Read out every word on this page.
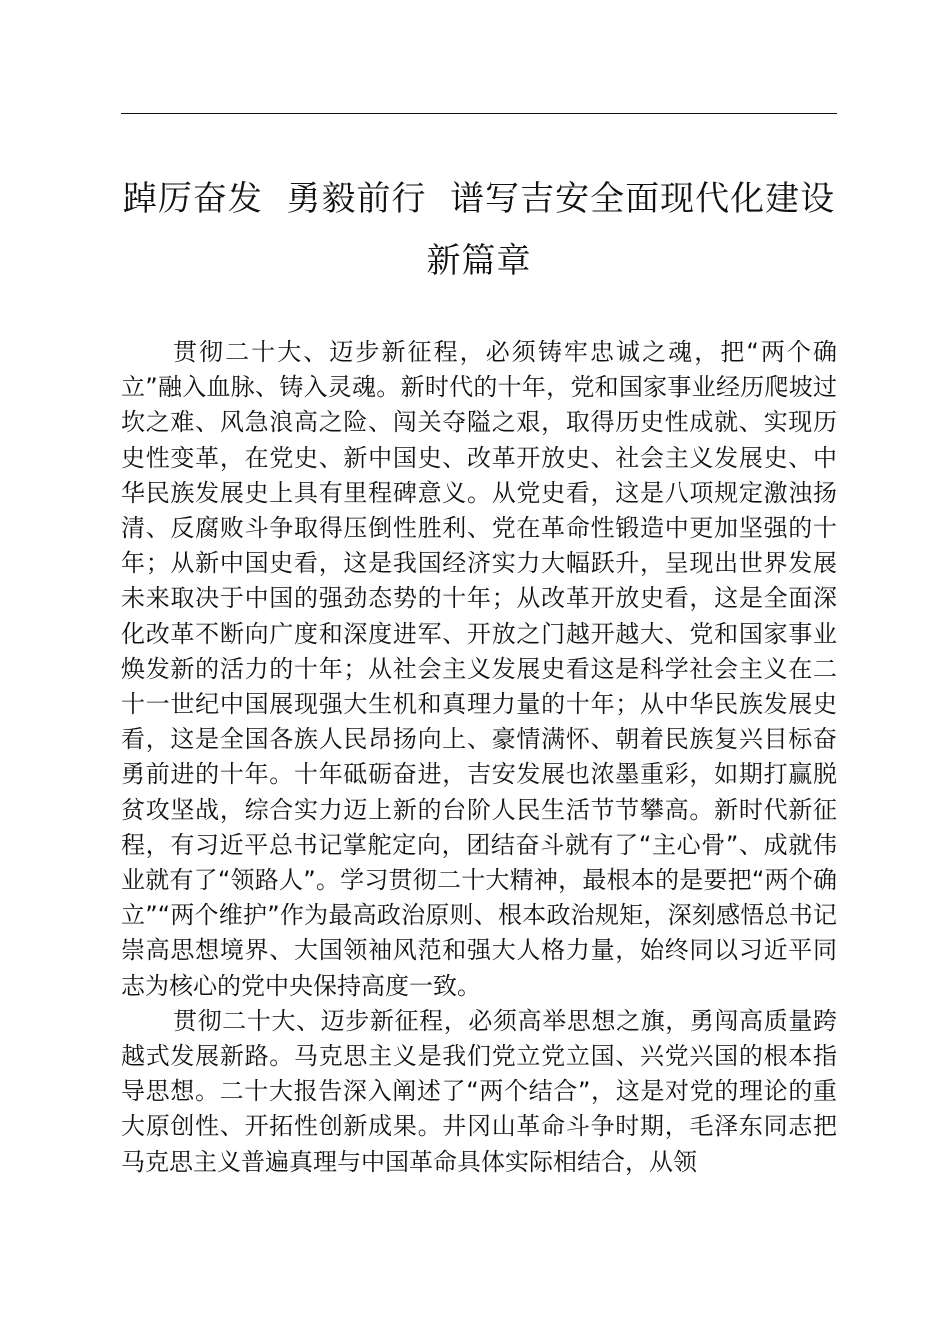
踔厉奋发  勇毅前行  谱写吉安全面现代化建设
新篇章

贯彻二十大、迈步新征程，必须铸牢忠诚之魂，把“两个确立”融入血脉、铸入灵魂。新时代的十年，党和国家事业经历爬坡过坎之难、风急浪高之险、闯关夺隘之艰，取得历史性成就、实现历史性变革，在党史、新中国史、改革开放史、社会主义发展史、中华民族发展史上具有里程碑意义。从党史看，这是八项规定激浊扬清、反腐败斗争取得压倒性胜利、党在革命性锻造中更加坚强的十年；从新中国史看，这是我国经济实力大幅跃升，呈现出世界发展未来取决于中国的强劲态势的十年；从改革开放史看，这是全面深化改革不断向广度和深度进军、开放之门越开越大、党和国家事业焕发新的活力的十年；从社会主义发展史看这是科学社会主义在二十一世纪中国展现强大生机和真理力量的十年；从中华民族发展史看，这是全国各族人民昂扬向上、豪情满怀、朝着民族复兴目标奋勇前进的十年。十年砥砺奋进，吉安发展也浓墨重彩，如期打赢脱贫攻坚战，综合实力迈上新的台阶人民生活节节攀高。新时代新征程，有习近平总书记掌舵定向，团结奋斗就有了“主心骨”、成就伟业就有了“领路人”。学习贯彻二十大精神，最根本的是要把“两个确立”“两个维护”作为最高政治原则、根本政治规矩，深刻感悟总书记崇高思想境界、大国领袖风范和强大人格力量，始终同以习近平同志为核心的党中央保持高度一致。

贯彻二十大、迈步新征程，必须高举思想之旗，勇闯高质量跨越式发展新路。马克思主义是我们党立党立国、兴党兴国的根本指导思想。二十大报告深入阐述了“两个结合”，这是对党的理论的重大原创性、开拓性创新成果。井冈山革命斗争时期，毛泽东同志把马克思主义普遍真理与中国革命具体实际相结合，从领
